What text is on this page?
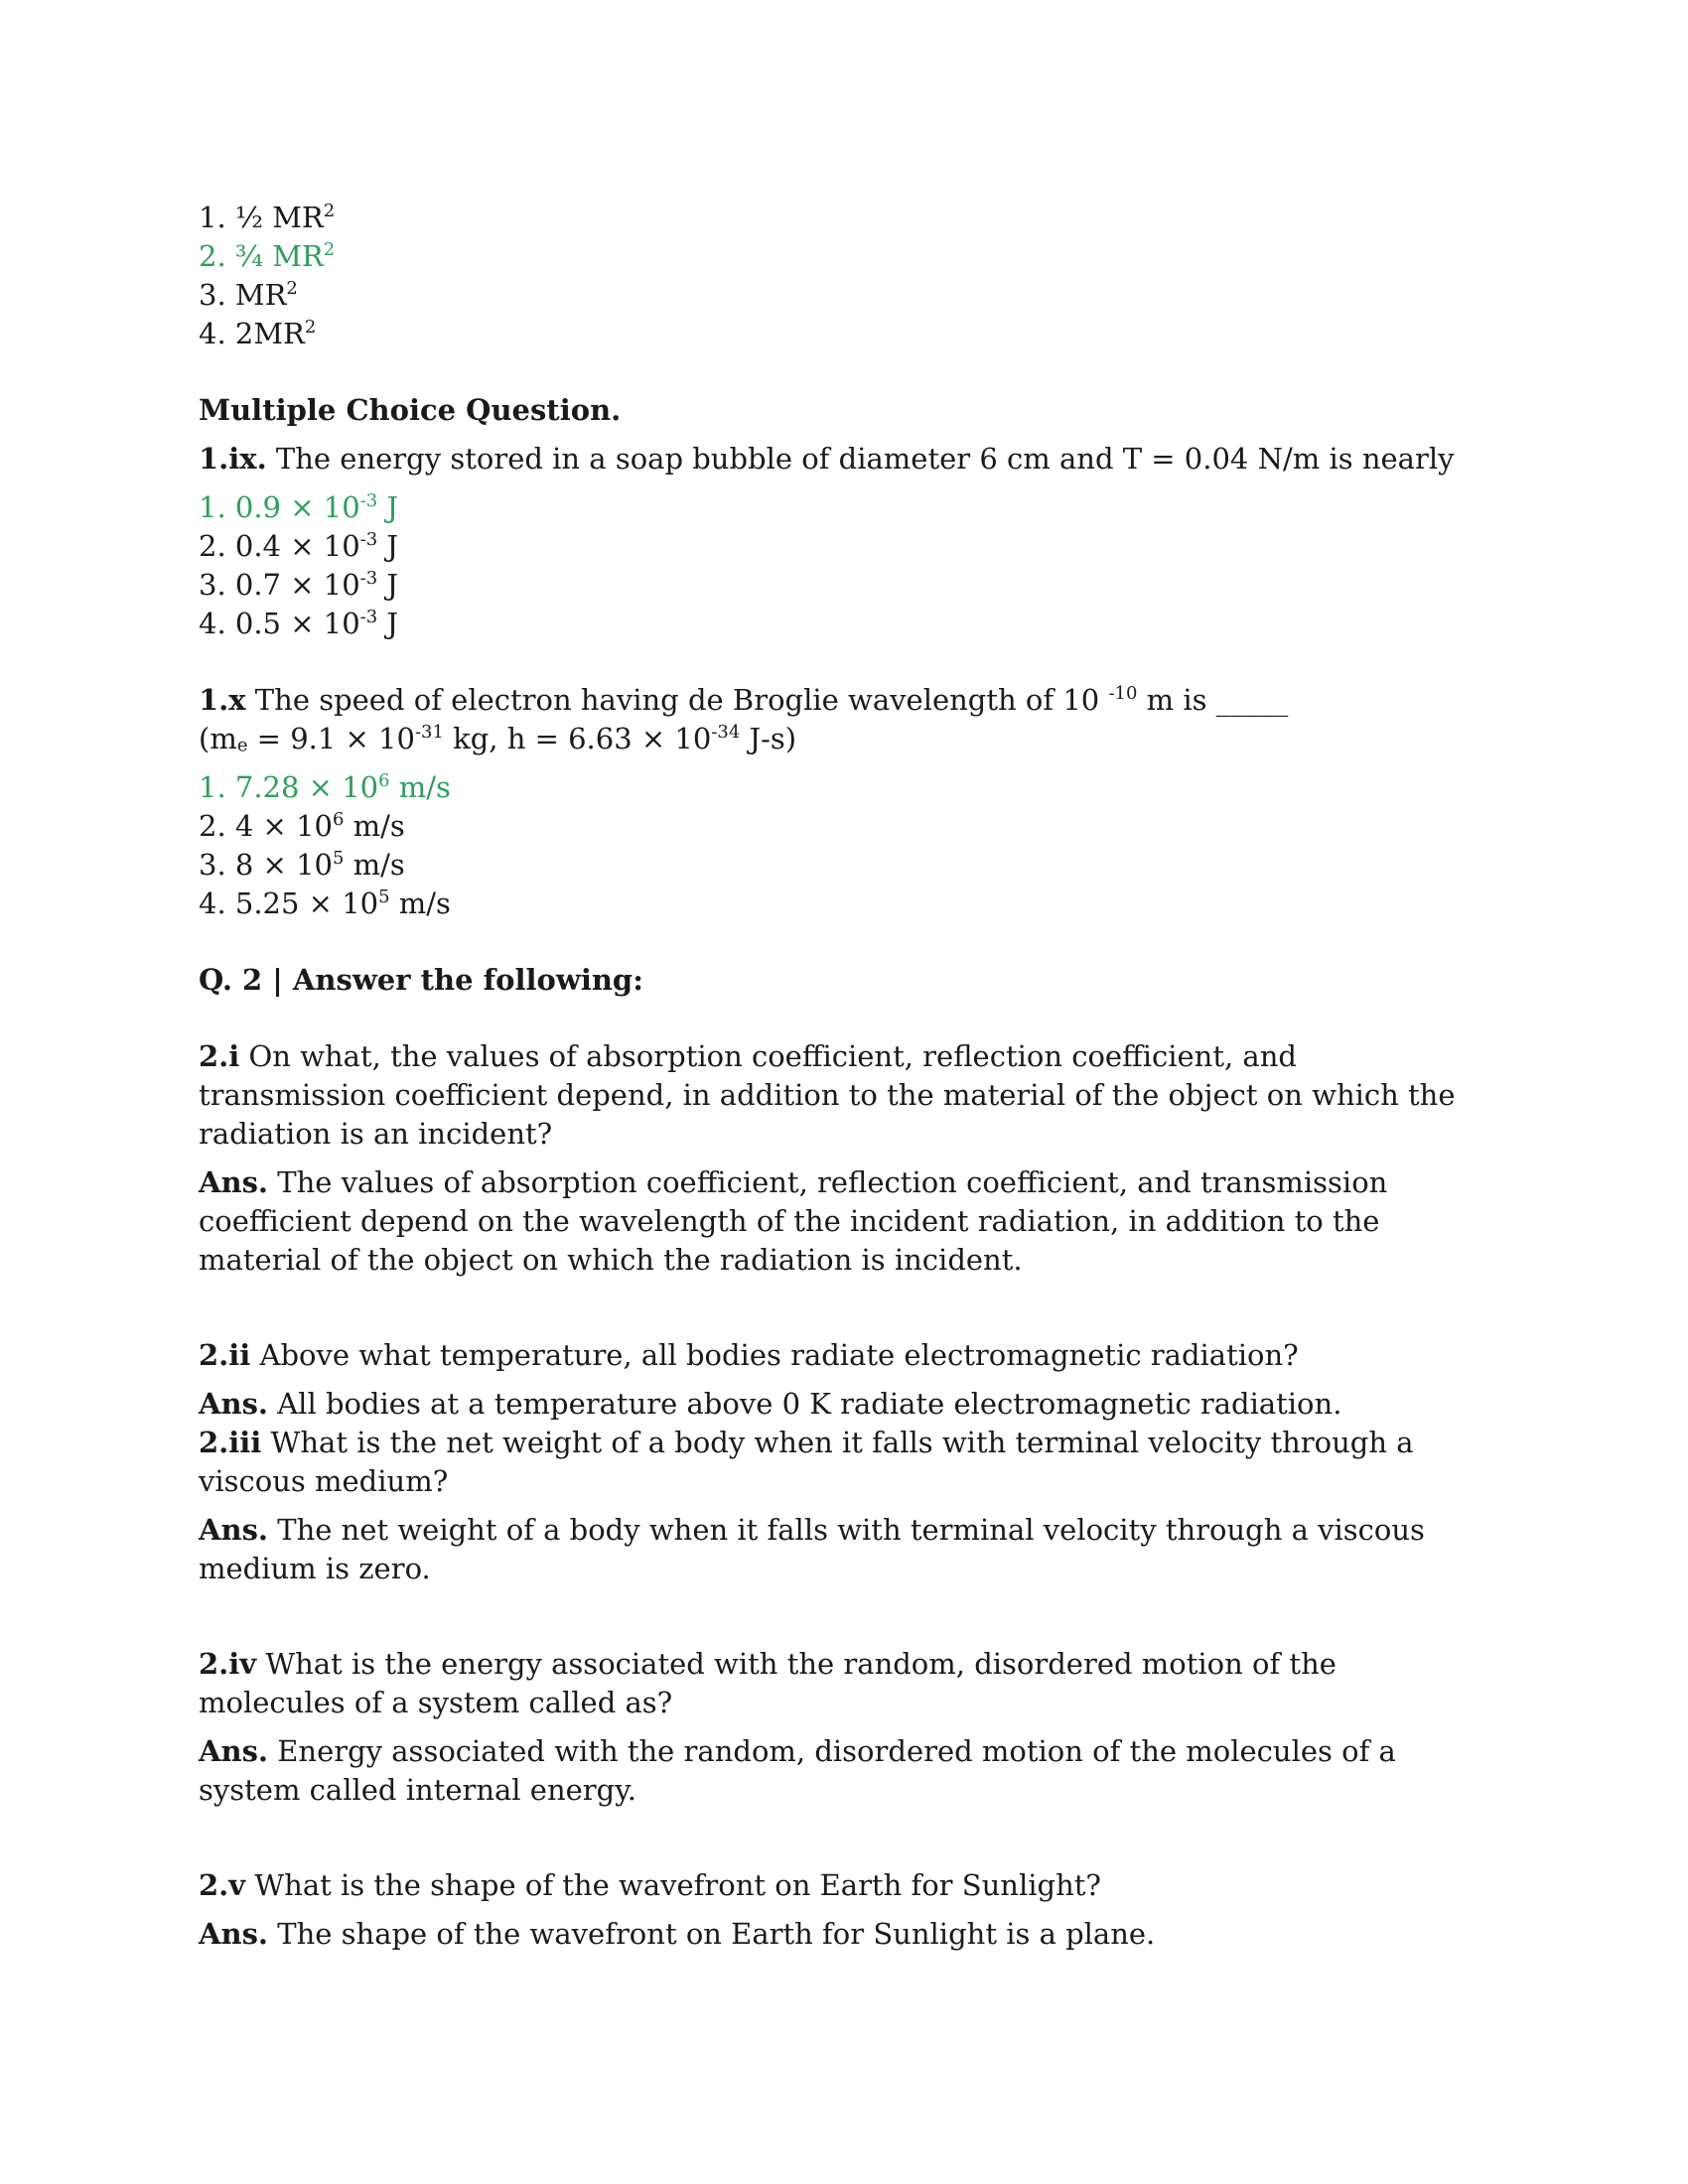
1. ½ $MR^2$
2. ¾ $MR^2$
3. $MR^2$
4. $2MR^2$
Multiple Choice Question.
1.ix. The energy stored in a soap bubble of diameter 6 cm and T = 0.04 N/m is nearly
1. $0.9 \times 10^{-3}$ J
2. $0.4 \times 10^{-3}$ J
3. $0.7 \times 10^{-3}$ J
4. $0.5 \times 10^{-3}$ J
1.x The speed of electron having de Broglie wavelength of 10 $^{-10}$ m is _____
($m_e = 9.1 \times 10^{-31}$ kg, $h = 6.63 \times 10^{-34}$ J-s)
1. $7.28 \times 10^6$ m/s
2. $4 \times 10^6$ m/s
3. $8 \times 10^5$ m/s
4. $5.25 \times 10^5$ m/s
Q. 2 | Answer the following:
2.i On what, the values of absorption coefficient, reflection coefficient, and transmission coefficient depend, in addition to the material of the object on which the radiation is an incident?
Ans. The values of absorption coefficient, reflection coefficient, and transmission coefficient depend on the wavelength of the incident radiation, in addition to the material of the object on which the radiation is incident.
2.ii Above what temperature, all bodies radiate electromagnetic radiation?
Ans. All bodies at a temperature above 0 K radiate electromagnetic radiation.
2.iii What is the net weight of a body when it falls with terminal velocity through a viscous medium?
Ans. The net weight of a body when it falls with terminal velocity through a viscous medium is zero.
2.iv What is the energy associated with the random, disordered motion of the molecules of a system called as?
Ans. Energy associated with the random, disordered motion of the molecules of a system called internal energy.
2.v What is the shape of the wavefront on Earth for Sunlight?
Ans. The shape of the wavefront on Earth for Sunlight is a plane.
